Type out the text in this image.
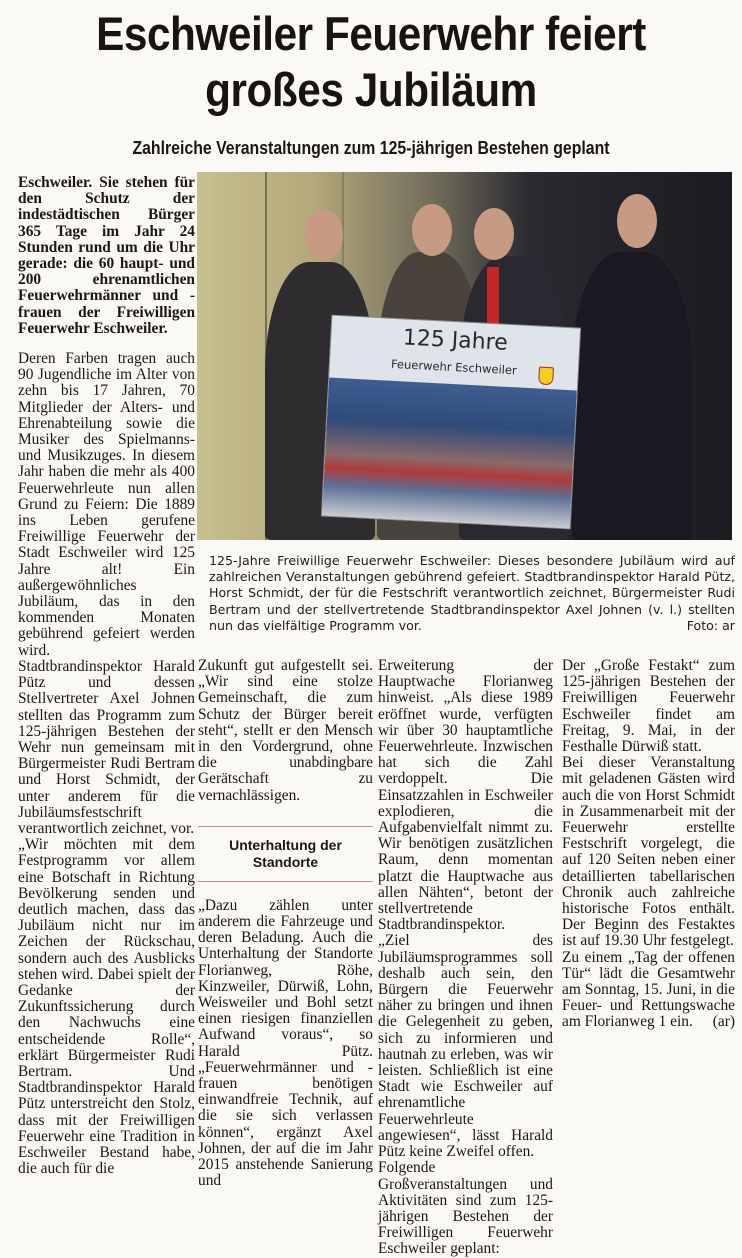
Eschweiler Feuerwehr feiert
großes Jubiläum
Zahlreiche Veranstaltungen zum 125-jährigen Bestehen geplant

Eschweiler. Sie stehen für den Schutz der indestädtischen Bürger 365 Tage im Jahr 24 Stunden rund um die Uhr gerade: die 60 haupt- und 200 ehrenamtlichen Feuerwehrmänner und -frauen der Freiwilligen Feuerwehr Eschweiler.

Deren Farben tragen auch 90 Jugendliche im Alter von zehn bis 17 Jahren, 70 Mitglieder der Alters- und Ehrenabteilung sowie die Musiker des Spielmanns- und Musikzuges. In diesem Jahr haben die mehr als 400 Feuerwehrleute nun allen Grund zu Feiern: Die 1889 ins Leben gerufene Freiwillige Feuerwehr der Stadt Eschweiler wird 125 Jahre alt! Ein außergewöhnliches Jubiläum, das in den kommenden Monaten gebührend gefeiert werden wird.

Stadtbrandinspektor Harald Pütz und dessen Stellvertreter Axel Johnen stellten das Programm zum 125-jährigen Bestehen der Wehr nun gemeinsam mit Bürgermeister Rudi Bertram und Horst Schmidt, der unter anderem für die Jubiläumsfestschrift verantwortlich zeichnet, vor.

„Wir möchten mit dem Festprogramm vor allem eine Botschaft in Richtung Bevölkerung senden und deutlich machen, dass das Jubiläum nicht nur im Zeichen der Rückschau, sondern auch des Ausblicks stehen wird. Dabei spielt der Gedanke der Zukunftssicherung durch den Nachwuchs eine entscheidende Rolle“, erklärt Bürgermeister Rudi Bertram. Und Stadtbrandinspektor Harald Pütz unterstreicht den Stolz, dass mit der Freiwilligen Feuerwehr eine Tradition in Eschweiler Bestand habe, die auch für die

125 Jahre
Feuerwehr Eschweiler
125-Jahre Freiwillige Feuerwehr Eschweiler: Dieses besondere Jubiläum wird auf zahlreichen Veranstaltungen gebührend gefeiert. Stadtbrandinspektor Harald Pütz, Horst Schmidt, der für die Festschrift verantwortlich zeichnet, Bürgermeister Rudi Bertram und der stellvertretende Stadtbrandinspektor Axel Johnen (v. l.) stellten nun das vielfältige Programm vor.	Foto: ar

Zukunft gut aufgestellt sei. „Wir sind eine stolze Gemeinschaft, die zum Schutz der Bürger bereit steht“, stellt er den Mensch in den Vordergrund, ohne die unabdingbare Gerätschaft zu vernachlässigen.

Unterhaltung der Standorte

„Dazu zählen unter anderem die Fahrzeuge und deren Beladung. Auch die Unterhaltung der Standorte Florianweg, Röhe, Kinzweiler, Dürwiß, Lohn, Weisweiler und Bohl setzt einen riesigen finanziellen Aufwand voraus“, so Harald Pütz. „Feuerwehrmänner und -frauen benötigen einwandfreie Technik, auf die sie sich verlassen können“, ergänzt Axel Johnen, der auf die im Jahr 2015 anstehende Sanierung und

Erweiterung der Hauptwache Florianweg hinweist. „Als diese 1989 eröffnet wurde, verfügten wir über 30 hauptamtliche Feuerwehrleute. Inzwischen hat sich die Zahl verdoppelt. Die Einsatzzahlen in Eschweiler explodieren, die Aufgabenvielfalt nimmt zu. Wir benötigen zusätzlichen Raum, denn momentan platzt die Hauptwache aus allen Nähten“, betont der stellvertretende Stadtbrandinspektor.

„Ziel des Jubiläumsprogrammes soll deshalb auch sein, den Bürgern die Feuerwehr näher zu bringen und ihnen die Gelegenheit zu geben, sich zu informieren und hautnah zu erleben, was wir leisten. Schließlich ist eine Stadt wie Eschweiler auf ehrenamtliche Feuerwehrleute angewiesen“, lässt Harald Pütz keine Zweifel offen.

Folgende Großveranstaltungen und Aktivitäten sind zum 125-jährigen Bestehen der Freiwilligen Feuerwehr Eschweiler geplant:

Der „Große Festakt“ zum 125-jährigen Bestehen der Freiwilligen Feuerwehr Eschweiler findet am Freitag, 9. Mai, in der Festhalle Dürwiß statt.

Bei dieser Veranstaltung mit geladenen Gästen wird auch die von Horst Schmidt in Zusammenarbeit mit der Feuerwehr erstellte Festschrift vorgelegt, die auf 120 Seiten neben einer detaillierten tabellarischen Chronik auch zahlreiche historische Fotos enthält. Der Beginn des Festaktes ist auf 19.30 Uhr festgelegt.

Zu einem „Tag der offenen Tür“ lädt die Gesamtwehr am Sonntag, 15. Juni, in die Feuer- und Rettungswache am Florianweg 1 ein. (ar)
